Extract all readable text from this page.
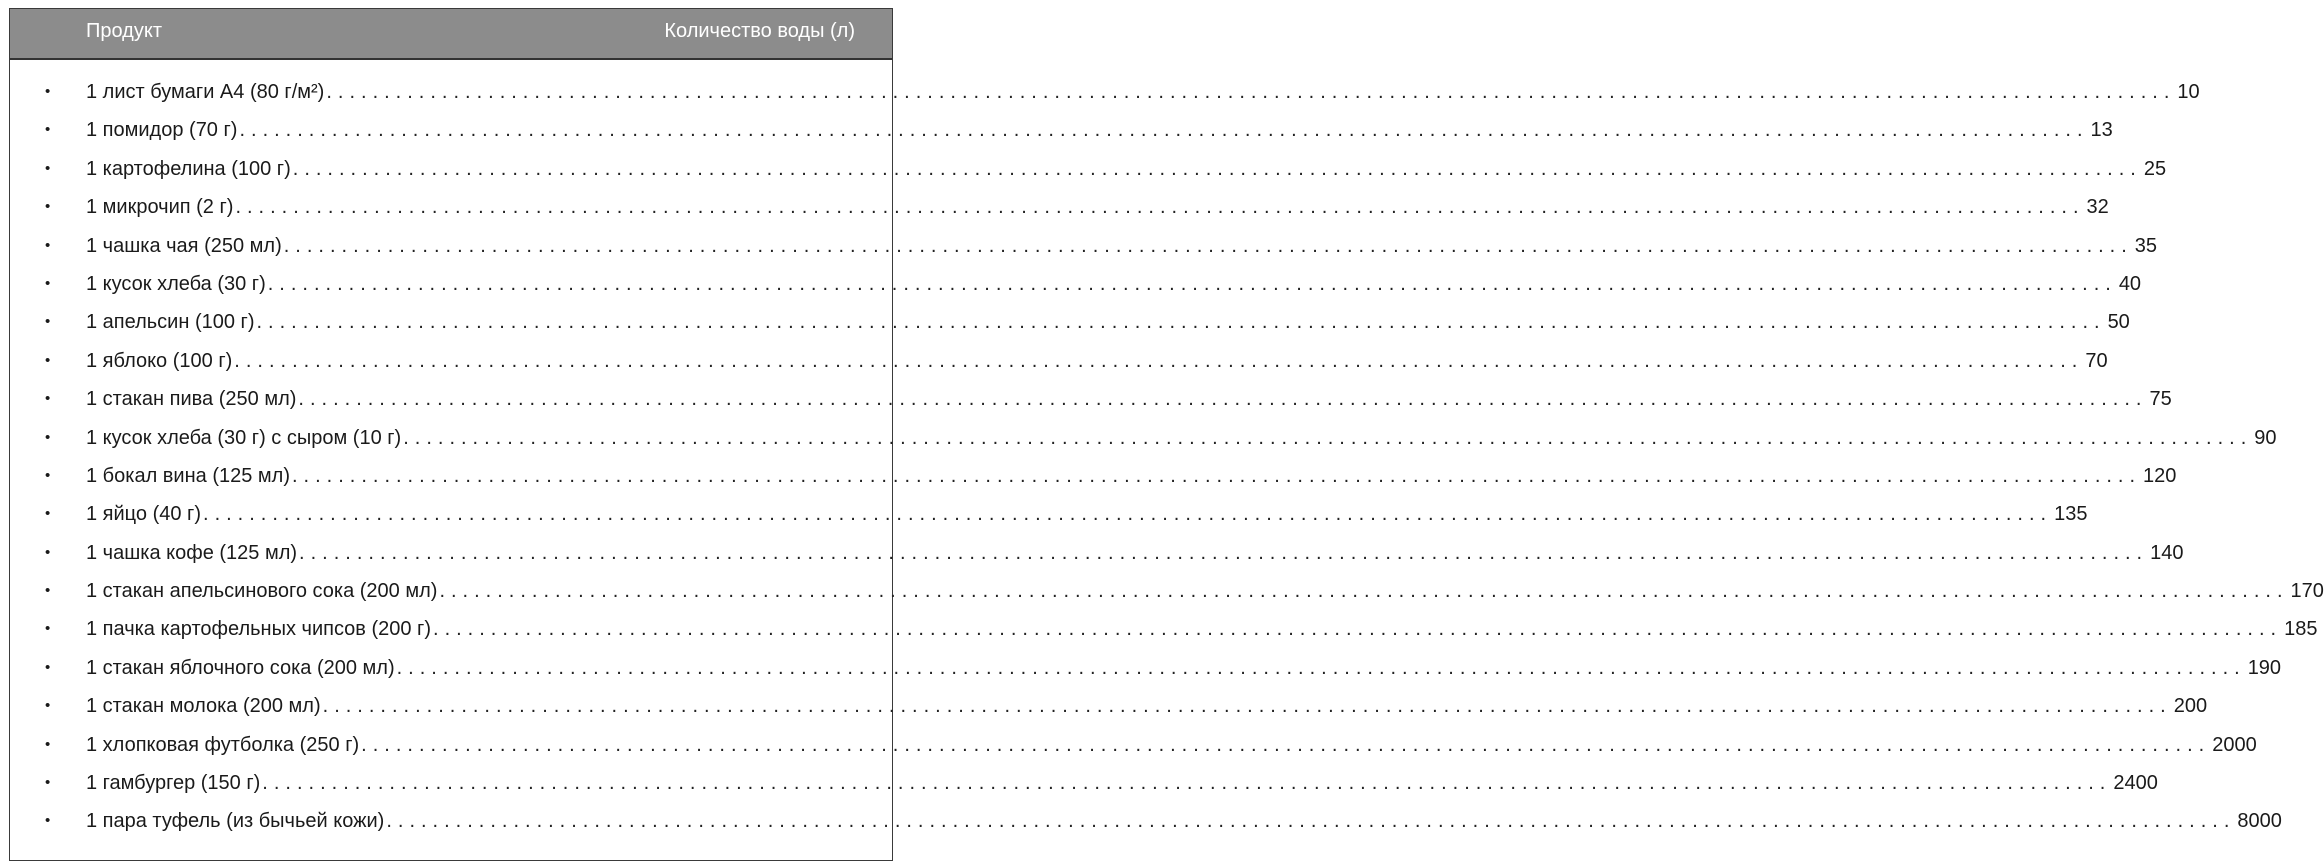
Продукт	Количество воды (л)
• 1 лист бумаги А4 (80 г/м²) ................................................................................................................................................................ 10
• 1 помидор (70 г) ................................................................................................................................................................ 13
• 1 картофелина (100 г) ................................................................................................................................................................ 25
• 1 микрочип (2 г) ................................................................................................................................................................ 32
• 1 чашка чая (250 мл) ................................................................................................................................................................ 35
• 1 кусок хлеба (30 г) ................................................................................................................................................................ 40
• 1 апельсин (100 г) ................................................................................................................................................................ 50
• 1 яблоко (100 г) ................................................................................................................................................................ 70
• 1 стакан пива (250 мл) ................................................................................................................................................................ 75
• 1 кусок хлеба (30 г) с сыром (10 г) ................................................................................................................................................................ 90
• 1 бокал вина (125 мл) ................................................................................................................................................................ 120
• 1 яйцо (40 г) ................................................................................................................................................................ 135
• 1 чашка кофе (125 мл) ................................................................................................................................................................ 140
• 1 стакан апельсинового сока (200 мл) ................................................................................................................................................................ 170
• 1 пачка картофельных чипсов (200 г) ................................................................................................................................................................ 185
• 1 стакан яблочного сока (200 мл) ................................................................................................................................................................ 190
• 1 стакан молока (200 мл) ................................................................................................................................................................ 200
• 1 хлопковая футболка (250 г) ................................................................................................................................................................ 2000
• 1 гамбургер (150 г) ................................................................................................................................................................ 2400
• 1 пара туфель (из бычьей кожи) ................................................................................................................................................................ 8000
